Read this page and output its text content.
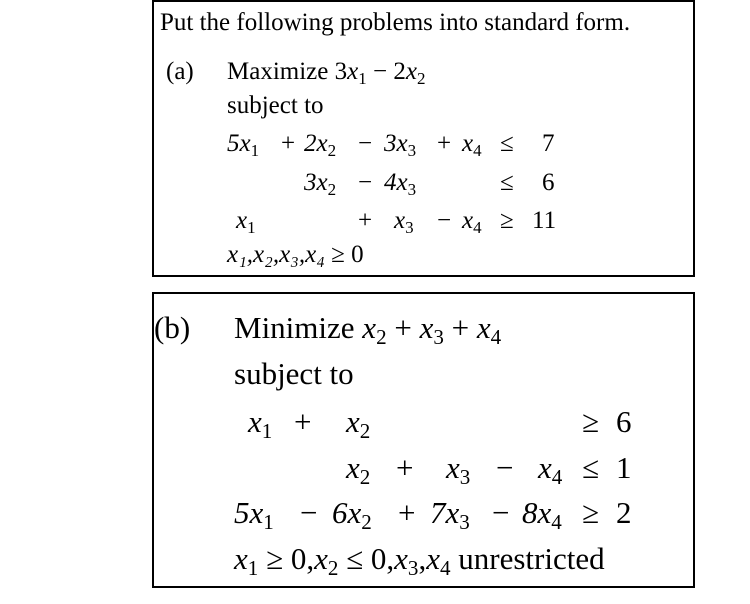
Put the following problems into standard form.
(a) Maximize $3x_1 - 2x_2$
subject to
$5x_1 + 2x_2 - 3x_3 + x_4 \le 7$
$3x_2 - 4x_3$	≤ 6
$x_1$	+ $x_3 - x_4 \ge 11$
x₁,x₂,x₃,x₄ ≥ 0
(b) Minimize $x_2 + x_3 + x_4$
subject to
$x_1 + x_2$	≥ 6
$x_2 + x_3 - x_4 \le 1$
$5x_1 - 6x_2 + 7x_3 - 8x_4 \ge 2$
$x_1 \ge 0,x_2 \le 0,x_3,x_4$ unrestricted
